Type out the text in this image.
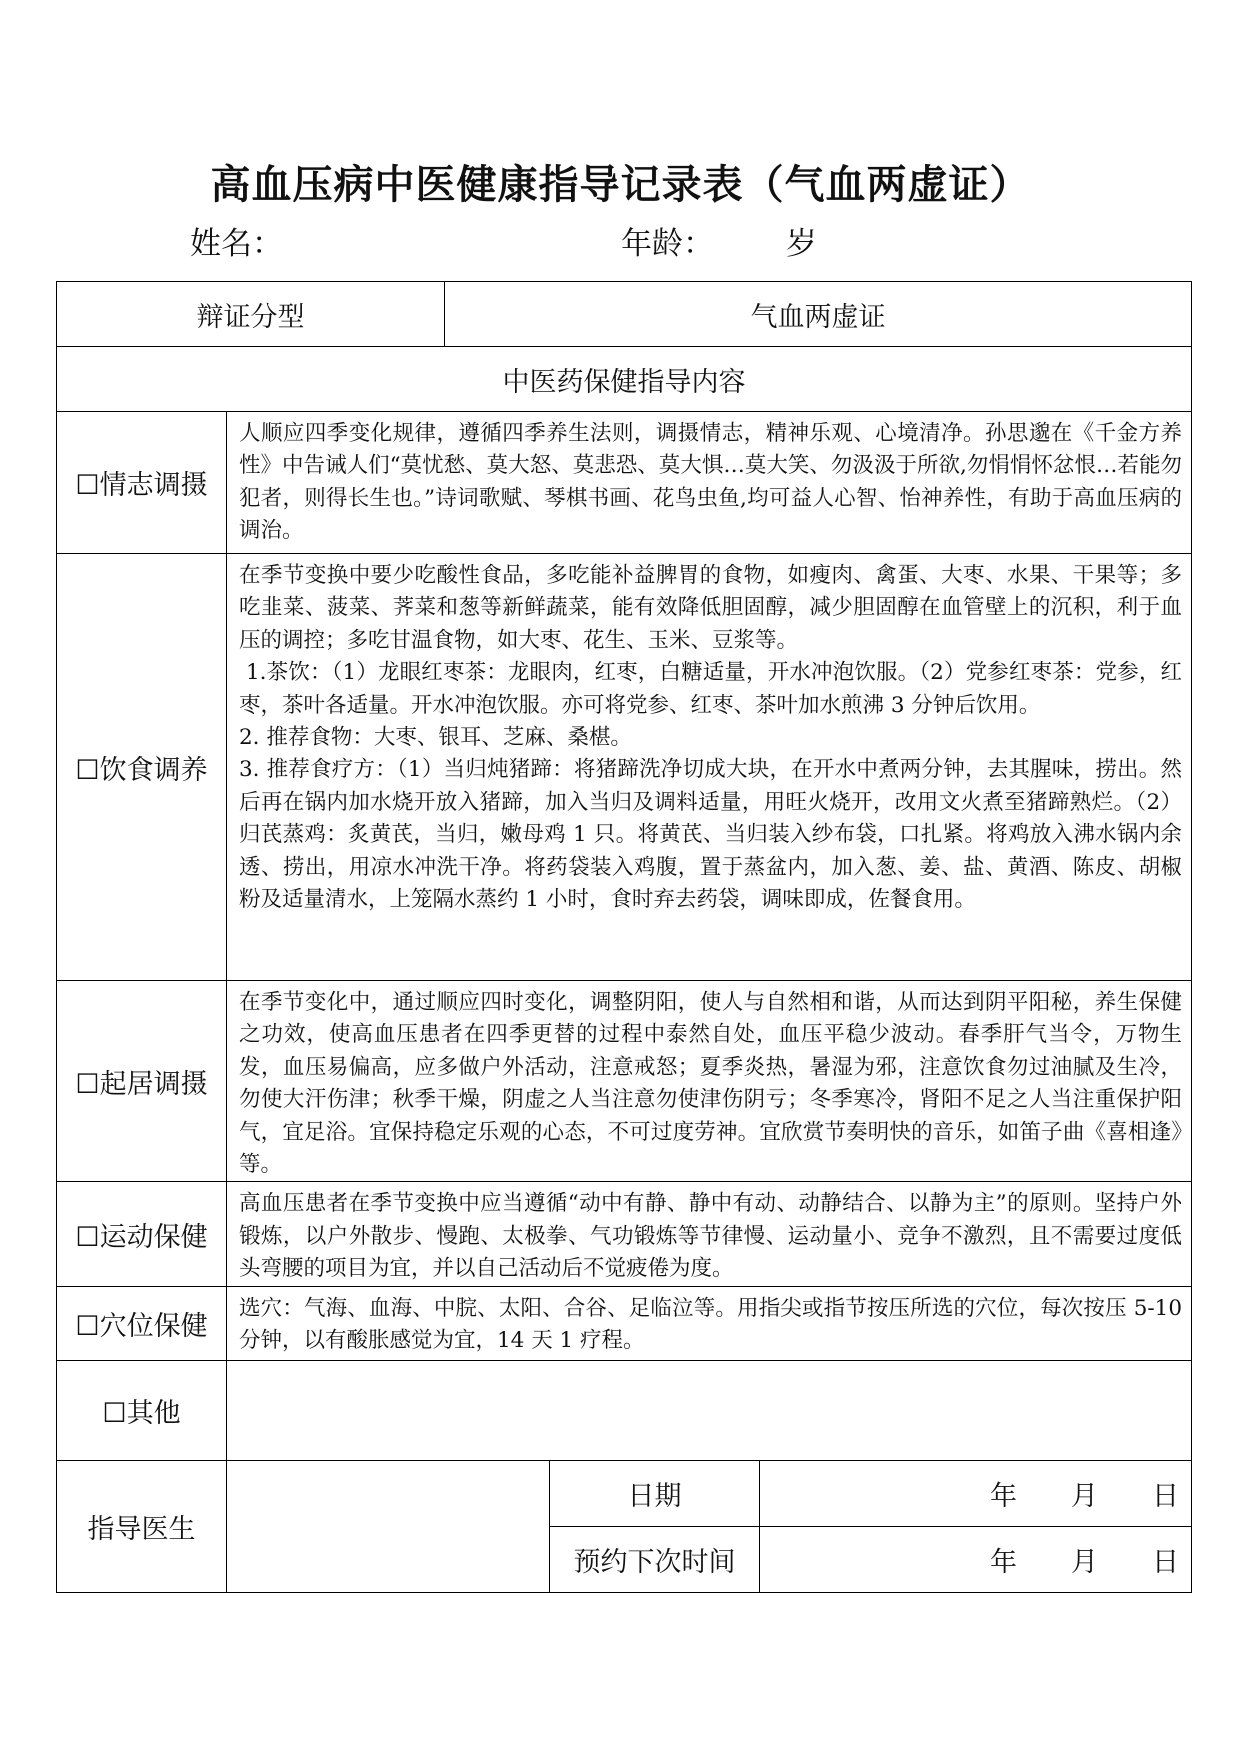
高血压病中医健康指导记录表（气血两虚证）
姓名：	年龄： 岁
辩证分型		气血两虚证		
中医药保健指导内容				
☐情志调摄	人顺应四季变化规律，遵循四季养生法则，调摄情志，精神乐观、心境清净。孙思邈在《千金方养性》中告诫人们“莫忧愁、莫大怒、莫悲恐、莫大惧…莫大笑、勿汲汲于所欲,勿悁悁怀忿恨…若能勿犯者，则得长生也。”诗词歌赋、琴棋书画、花鸟虫鱼,均可益人心智、怡神养性，有助于高血压病的调治。			

☐饮食调养	在季节变换中要少吃酸性食品，多吃能补益脾胃的食物，如瘦肉、禽蛋、大枣、水果、干果等；多吃韭菜、菠菜、荠菜和葱等新鲜蔬菜，能有效降低胆固醇，减少胆固醇在血管壁上的沉积，利于血压的调控；多吃甘温食物，如大枣、花生、玉米、豆浆等。

1.茶饮：（1）龙眼红枣茶：龙眼肉，红枣，白糖适量，开水冲泡饮服。（2）党参红枣茶：党参，红枣，茶叶各适量。开水冲泡饮服。亦可将党参、红枣、茶叶加水煎沸 3 分钟后饮用。

2. 推荐食物：大枣、银耳、芝麻、桑椹。

3. 推荐食疗方：（1）当归炖猪蹄：将猪蹄洗净切成大块，在开水中煮两分钟，去其腥味，捞出。然后再在锅内加水烧开放入猪蹄，加入当归及调料适量，用旺火烧开，改用文火煮至猪蹄熟烂。（2）归芪蒸鸡：炙黄芪，当归，嫩母鸡 1 只。将黄芪、当归装入纱布袋，口扎紧。将鸡放入沸水锅内余透、捞出，用凉水冲洗干净。将药袋装入鸡腹，置于蒸盆内，加入葱、姜、盐、黄酒、陈皮、胡椒粉及适量清水，上笼隔水蒸约 1 小时，食时弃去药袋，调味即成，佐餐食用。			

☐起居调摄	在季节变化中，通过顺应四时变化，调整阴阳，使人与自然相和谐，从而达到阴平阳秘，养生保健之功效，使高血压患者在四季更替的过程中泰然自处，血压平稳少波动。春季肝气当令，万物生发，血压易偏高，应多做户外活动，注意戒怒；夏季炎热，暑湿为邪，注意饮食勿过油腻及生冷，勿使大汗伤津；秋季干燥，阴虚之人当注意勿使津伤阴亏；冬季寒冷，肾阳不足之人当注重保护阳气，宜足浴。宜保持稳定乐观的心态，不可过度劳神。宜欣赏节奏明快的音乐，如笛子曲《喜相逢》等。			

☐运动保健	高血压患者在季节变换中应当遵循“动中有静、静中有动、动静结合、以静为主”的原则。坚持户外锻炼，以户外散步、慢跑、太极拳、气功锻炼等节律慢、运动量小、竞争不激烈，且不需要过度低头弯腰的项目为宜，并以自己活动后不觉疲倦为度。			

☐穴位保健	选穴：气海、血海、中脘、太阳、合谷、足临泣等。用指尖或指节按压所选的穴位，每次按压 5-10 分钟，以有酸胀感觉为宜，14 天 1 疗程。			

☐其他				
指导医生			日期	年 月 日
			预约下次时间	年 月 日
